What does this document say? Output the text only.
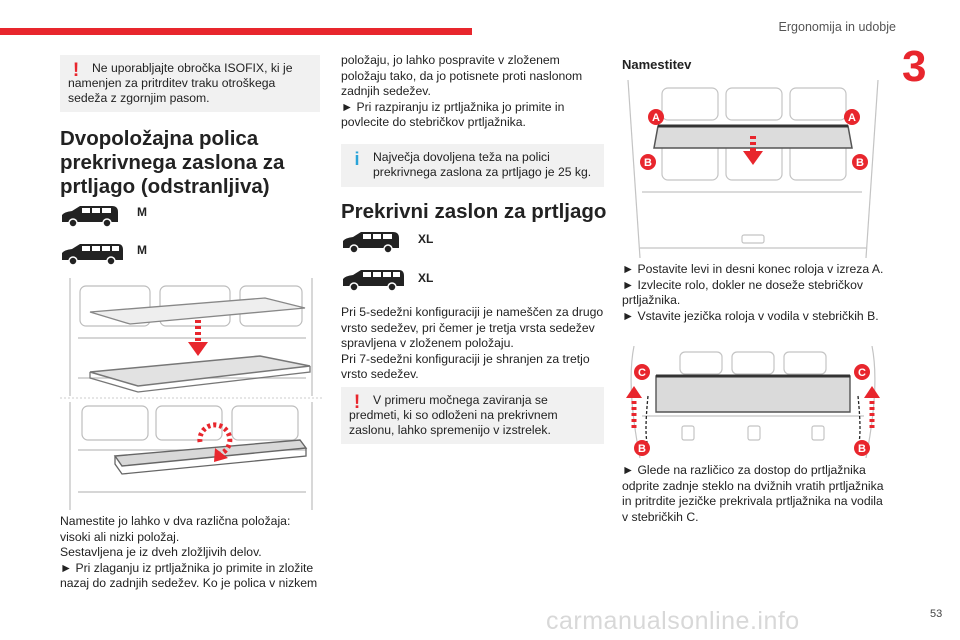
Ergonomija in udobje
3
!	Ne uporabljajte obročka ISOFIX, ki je namenjen za pritrditev traku otroškega sedeža z zgornjim pasom.
Dvopoložajna polica prekrivnega zaslona za prtljago (odstranljiva)
M
M
Namestite jo lahko v dva različna položaja: visoki ali nizki položaj.
Sestavljena je iz dveh zložljivih delov.
► Pri zlaganju iz prtljažnika jo primite in zložite nazaj do zadnjih sedežev. Ko je polica v nizkem
položaju, jo lahko pospravite v zloženem položaju tako, da jo potisnete proti naslonom zadnjih sedežev.
► Pri razpiranju iz prtljažnika jo primite in povlecite do stebričkov prtljažnika.
i	Največja dovoljena teža na polici prekrivnega zaslona za prtljago je 25 kg.
Prekrivni zaslon za prtljago
XL
XL
Pri 5-sedežni konfiguraciji je nameščen za drugo vrsto sedežev, pri čemer je tretja vrsta sedežev spravljena v zloženem položaju.
Pri 7-sedežni konfiguraciji je shranjen za tretjo vrsto sedežev.
!	V primeru močnega zaviranja se predmeti, ki so odloženi na prekrivnem zaslonu, lahko spremenijo v izstrelek.
Namestitev
A	A
B	B
► Postavite levi in desni konec roloja v izreza A.
► Izvlecite rolo, dokler ne doseže stebričkov prtljažnika.
► Vstavite jezička roloja v vodila v stebričkih B.
C	C
B	B
► Glede na različico za dostop do prtljažnika odprite zadnje steklo na dvižnih vratih prtljažnika in pritrdite jezičke prekrivala prtljažnika na vodila v stebričkih C.
carmanualsonline.info	53
